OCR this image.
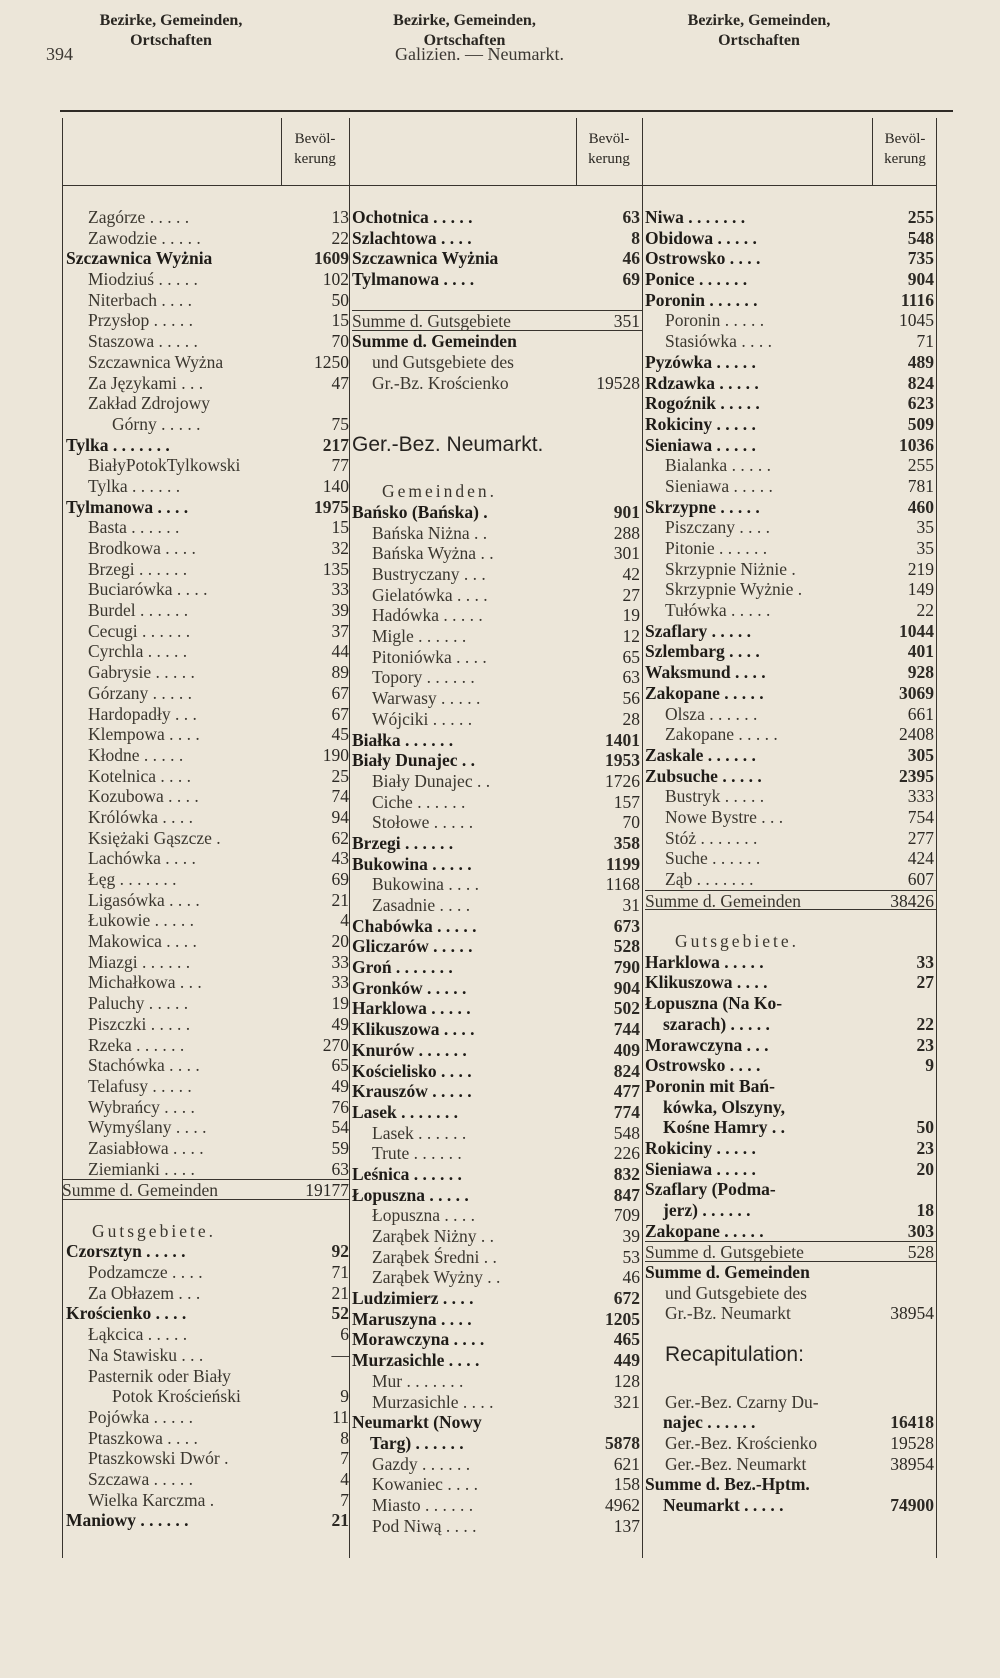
394	Galizien. — Neumarkt.
Bezirke, Gemeinden,
Ortschaften
Bevöl-
kerung
Bezirke, Gemeinden,
Ortschaften
Bevöl-
kerung
Bezirke, Gemeinden,
Ortschaften
Bevöl-
kerung
Zagórze . . . . .	13
Zawodzie . . . . .	22
Szczawnica Wyżnia	1609
Miodziuś . . . . .	102
Niterbach . . . .	50
Przysłop . . . . .	15
Staszowa . . . . .	70
Szczawnica Wyżna	1250
Za Językami . . .	47
Zakład Zdrojowy
Górny . . . . .	75
Tylka . . . . . . .	217
BiałyPotokTylkowski	77
Tylka . . . . . .	140
Tylmanowa . . . .	1975
Basta . . . . . .	15
Brodkowa . . . .	32
Brzegi . . . . . .	135
Buciarówka . . . .	33
Burdel . . . . . .	39
Cecugi . . . . . .	37
Cyrchla . . . . .	44
Gabrysie . . . . .	89
Górzany . . . . .	67
Hardopadły . . .	67
Klempowa . . . .	45
Kłodne . . . . .	190
Kotelnica . . . .	25
Kozubowa . . . .	74
Królówka . . . .	94
Księżaki Gąszcze .	62
Lachówka . . . .	43
Łęg . . . . . . .	69
Ligasówka . . . .	21
Łukowie . . . . .	4
Makowica . . . .	20
Miazgi . . . . . .	33
Michałkowa . . .	33
Paluchy . . . . .	19
Piszczki . . . . .	49
Rzeka . . . . . .	270
Stachówka . . . .	65
Telafusy . . . . .	49
Wybrańcy . . . .	76
Wymyślany . . . .	54
Zasiabłowa . . . .	59
Ziemianki . . . .	63
Summe d. Gemeinden	19177
Gutsgebiete.
Czorsztyn . . . . .	92
Podzamcze . . . .	71
Za Obłazem . . .	21
Krościenko . . . .	52
Łąkcica . . . . .	6
Na Stawisku . . .	—
Pasternik oder Biały
Potok Krościeński	9
Pojówka . . . . .	11
Ptaszkowa . . . .	8
Ptaszkowski Dwór .	7
Szczawa . . . . .	4
Wielka Karczma .	7
Maniowy . . . . . .	21
Ochotnica . . . . .	63
Szlachtowa . . . .	8
Szczawnica Wyżnia	46
Tylmanowa . . . .	69
Summe d. Gutsgebiete	351
Summe d. Gemeinden
und Gutsgebiete des
Gr.-Bz. Krościenko	19528
Ger.-Bez. Neumarkt.
Gemeinden.
Bańsko (Bańska) .	901
Bańska Niżna . .	288
Bańska Wyżna . .	301
Bustryczany . . .	42
Gielatówka . . . .	27
Hadówka . . . . .	19
Migle . . . . . .	12
Pitoniówka . . . .	65
Topory . . . . . .	63
Warwasy . . . . .	56
Wójciki . . . . .	28
Białka . . . . . .	1401
Biały Dunajec . .	1953
Biały Dunajec . .	1726
Ciche . . . . . .	157
Stołowe . . . . .	70
Brzegi . . . . . .	358
Bukowina . . . . .	1199
Bukowina . . . .	1168
Zasadnie . . . .	31
Chabówka . . . . .	673
Gliczarów . . . . .	528
Groń . . . . . . .	790
Gronków . . . . .	904
Harklowa . . . . .	502
Klikuszowa . . . .	744
Knurów . . . . . .	409
Kościelisko . . . .	824
Krauszów . . . . .	477
Lasek . . . . . . .	774
Lasek . . . . . .	548
Trute . . . . . .	226
Leśnica . . . . . .	832
Łopuszna . . . . .	847
Łopuszna . . . .	709
Zarąbek Niżny . .	39
Zarąbek Średni . .	53
Zarąbek Wyżny . .	46
Ludzimierz . . . .	672
Maruszyna . . . .	1205
Morawczyna . . . .	465
Murzasichle . . . .	449
Mur . . . . . . .	128
Murzasichle . . . .	321
Neumarkt (Nowy
Targ) . . . . . .	5878
Gazdy . . . . . .	621
Kowaniec . . . .	158
Miasto . . . . . .	4962
Pod Niwą . . . .	137
Niwa . . . . . . .	255
Obidowa . . . . .	548
Ostrowsko . . . .	735
Ponice . . . . . .	904
Poronin . . . . . .	1116
Poronin . . . . .	1045
Stasiówka . . . .	71
Pyzówka . . . . .	489
Rdzawka . . . . .	824
Rogoźnik . . . . .	623
Rokiciny . . . . .	509
Sieniawa . . . . .	1036
Bialanka . . . . .	255
Sieniawa . . . . .	781
Skrzypne . . . . .	460
Piszczany . . . .	35
Pitonie . . . . . .	35
Skrzypnie Niżnie .	219
Skrzypnie Wyżnie .	149
Tułówka . . . . .	22
Szaflary . . . . .	1044
Szlembarg . . . .	401
Waksmund . . . .	928
Zakopane . . . . .	3069
Olsza . . . . . .	661
Zakopane . . . . .	2408
Zaskale . . . . . .	305
Zubsuche . . . . .	2395
Bustryk . . . . .	333
Nowe Bystre . . .	754
Stóż . . . . . . .	277
Suche . . . . . .	424
Ząb . . . . . . .	607
Summe d. Gemeinden	38426
Gutsgebiete.
Harklowa . . . . .	33
Klikuszowa . . . .	27
Łopuszna (Na Ko-
szarach) . . . . .	22
Morawczyna . . .	23
Ostrowsko . . . .	9
Poronin mit Bań-
kówka, Olszyny,
Kośne Hamry . .	50
Rokiciny . . . . .	23
Sieniawa . . . . .	20
Szaflary (Podma-
jerz) . . . . . .	18
Zakopane . . . . .	303
Summe d. Gutsgebiete	528
Summe d. Gemeinden
und Gutsgebiete des
Gr.-Bz. Neumarkt	38954
Recapitulation:
Ger.-Bez. Czarny Du-
najec . . . . . .	16418
Ger.-Bez. Krościenko	19528
Ger.-Bez. Neumarkt	38954
Summe d. Bez.-Hptm.
Neumarkt . . . . .	74900
